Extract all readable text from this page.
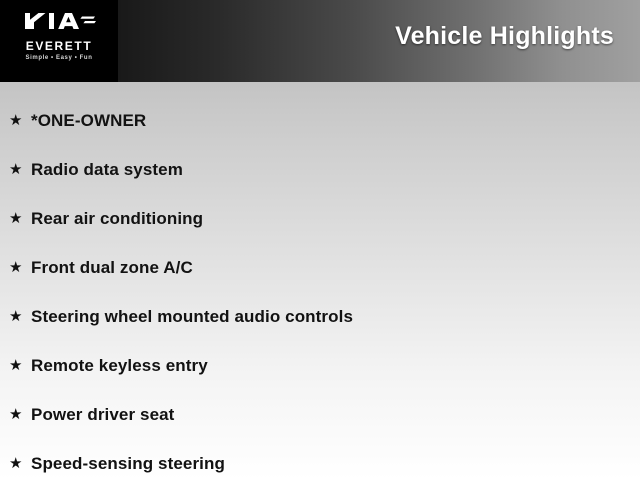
EVERETT
Simple • Easy • Fun
Vehicle Highlights
★ *ONE-OWNER
★ Radio data system
★ Rear air conditioning
★ Front dual zone A/C
★ Steering wheel mounted audio controls
★ Remote keyless entry
★ Power driver seat
★ Speed-sensing steering
